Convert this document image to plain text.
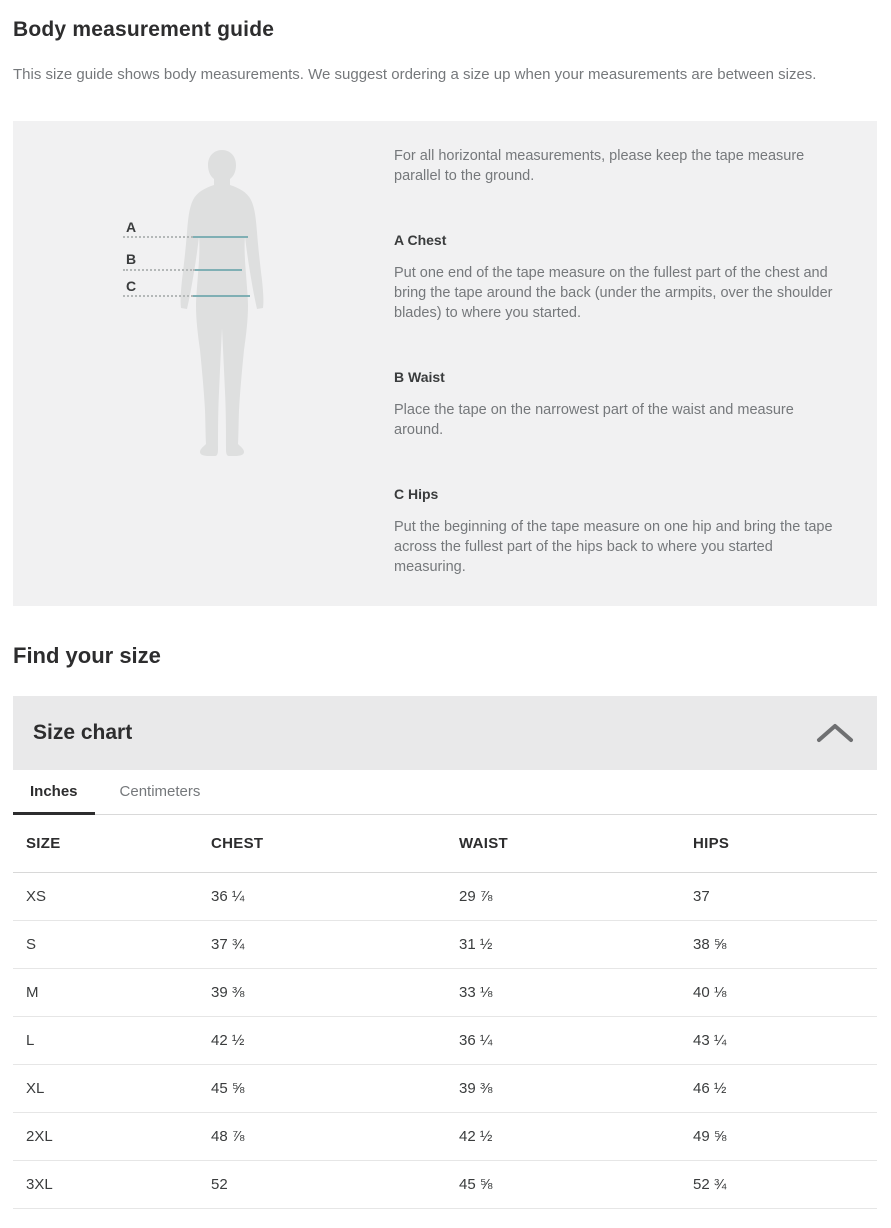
Body measurement guide

This size guide shows body measurements. We suggest ordering a size up when your measurements are between sizes.

A
B
C

For all horizontal measurements, please keep the tape measure parallel to the ground.

A Chest

Put one end of the tape measure on the fullest part of the chest and bring the tape around the back (under the armpits, over the shoulder blades) to where you started.

B Waist

Place the tape on the narrowest part of the waist and measure around.

C Hips

Put the beginning of the tape measure on one hip and bring the tape across the fullest part of the hips back to where you started measuring.

Find your size
Size chart
Inches	Centimeters
SIZE	CHEST	WAIST	HIPS
XS	36 ¼	29 ⅞	37
S	37 ¾	31 ½	38 ⅝
M	39 ⅜	33 ⅛	40 ⅛
L	42 ½	36 ¼	43 ¼
XL	45 ⅝	39 ⅜	46 ½
2XL	48 ⅞	42 ½	49 ⅝
3XL	52	45 ⅝	52 ¾
